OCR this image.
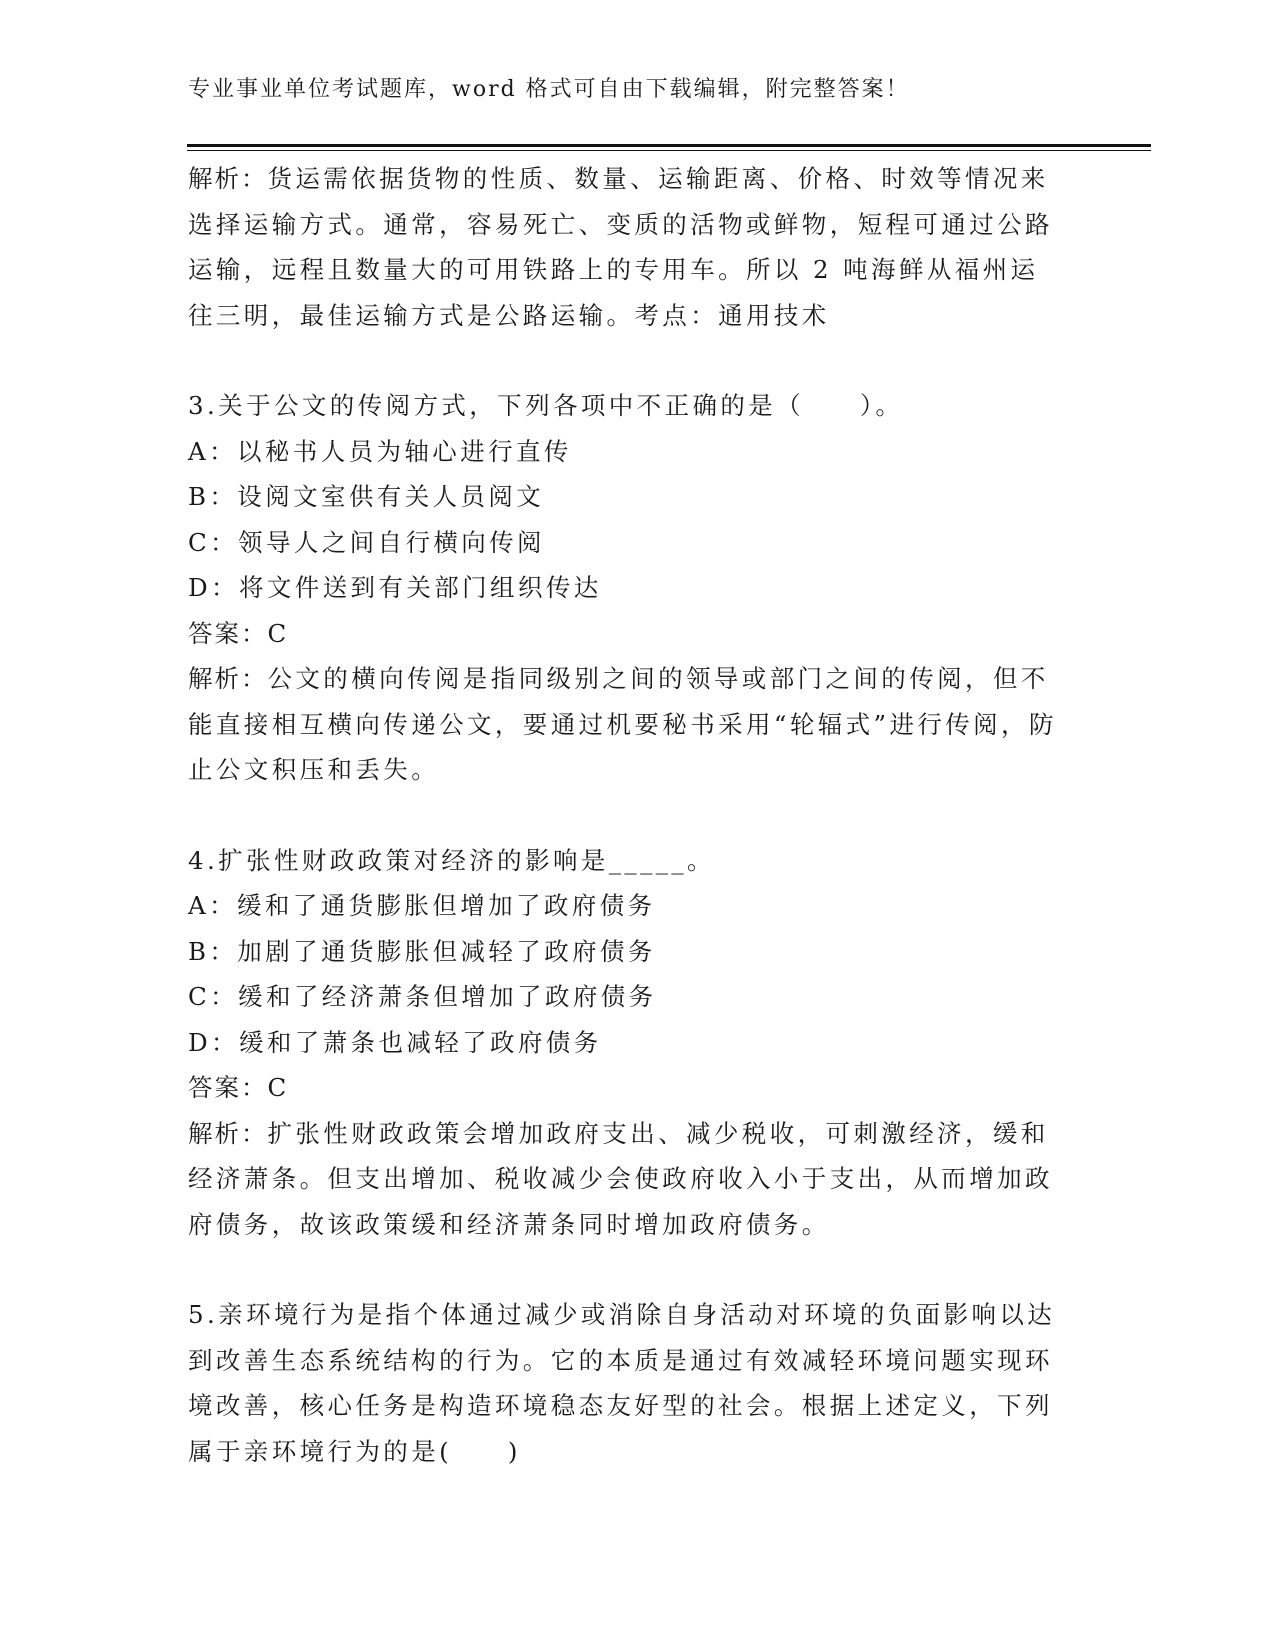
专业事业单位考试题库，word 格式可自由下载编辑，附完整答案！

解析：货运需依据货物的性质、数量、运输距离、价格、时效等情况来选择运输方式。通常，容易死亡、变质的活物或鲜物，短程可通过公路运输，远程且数量大的可用铁路上的专用车。所以 2 吨海鲜从福州运往三明，最佳运输方式是公路运输。考点：通用技术

3.关于公文的传阅方式，下列各项中不正确的是（　　）。

A：以秘书人员为轴心进行直传

B：设阅文室供有关人员阅文

C：领导人之间自行横向传阅

D：将文件送到有关部门组织传达

答案：C

解析：公文的横向传阅是指同级别之间的领导或部门之间的传阅，但不能直接相互横向传递公文，要通过机要秘书采用“轮辐式”进行传阅，防止公文积压和丢失。

4.扩张性财政政策对经济的影响是_____。

A：缓和了通货膨胀但增加了政府债务

B：加剧了通货膨胀但减轻了政府债务

C：缓和了经济萧条但增加了政府债务

D：缓和了萧条也减轻了政府债务

答案：C

解析：扩张性财政政策会增加政府支出、减少税收，可刺激经济，缓和经济萧条。但支出增加、税收减少会使政府收入小于支出，从而增加政府债务，故该政策缓和经济萧条同时增加政府债务。

5.亲环境行为是指个体通过减少或消除自身活动对环境的负面影响以达到改善生态系统结构的行为。它的本质是通过有效减轻环境问题实现环境改善，核心任务是构造环境稳态友好型的社会。根据上述定义，下列属于亲环境行为的是(　　)
